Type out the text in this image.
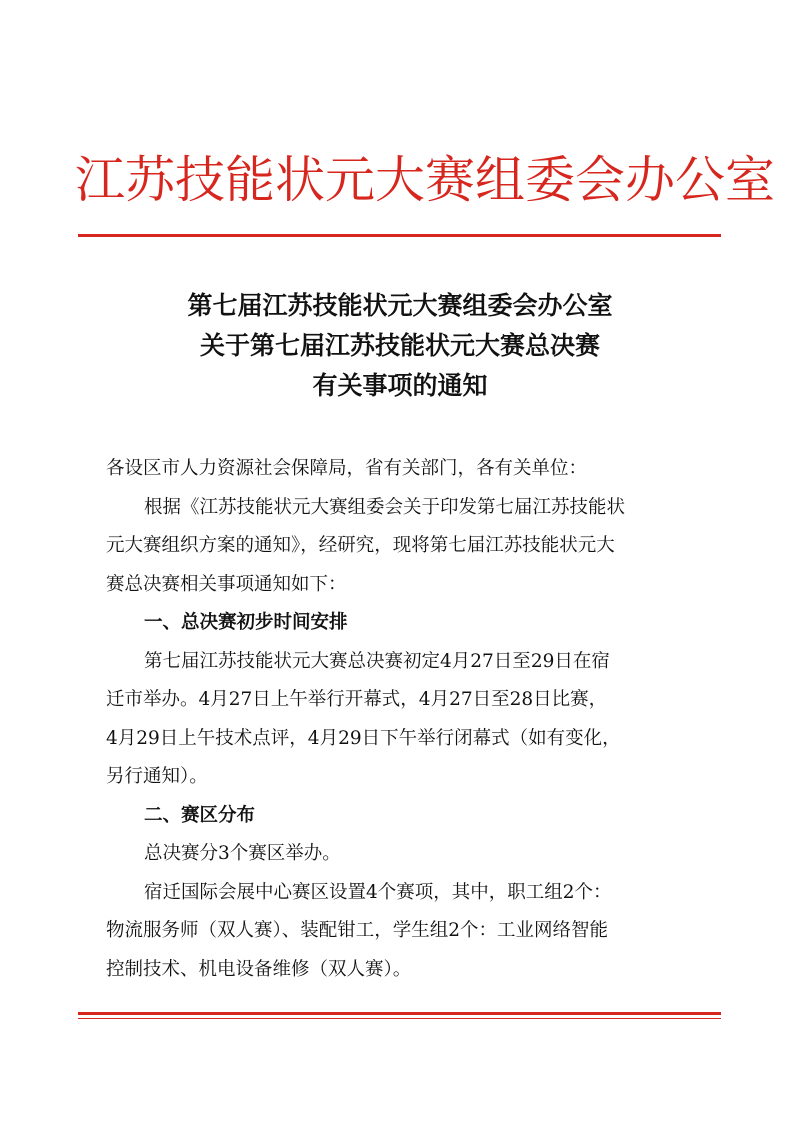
江苏技能状元大赛组委会办公室
第七届江苏技能状元大赛组委会办公室
关于第七届江苏技能状元大赛总决赛
有关事项的通知
各设区市人力资源社会保障局，省有关部门，各有关单位：
根据《江苏技能状元大赛组委会关于印发第七届江苏技能状
元大赛组织方案的通知》，经研究，现将第七届江苏技能状元大
赛总决赛相关事项通知如下：
一、总决赛初步时间安排
第七届江苏技能状元大赛总决赛初定4月27日至29日在宿
迁市举办。4月27日上午举行开幕式，4月27日至28日比赛，
4月29日上午技术点评，4月29日下午举行闭幕式（如有变化，
另行通知）。
二、赛区分布
总决赛分3个赛区举办。
宿迁国际会展中心赛区设置4个赛项，其中，职工组2个：
物流服务师（双人赛）、装配钳工，学生组2个：工业网络智能
控制技术、机电设备维修（双人赛）。
